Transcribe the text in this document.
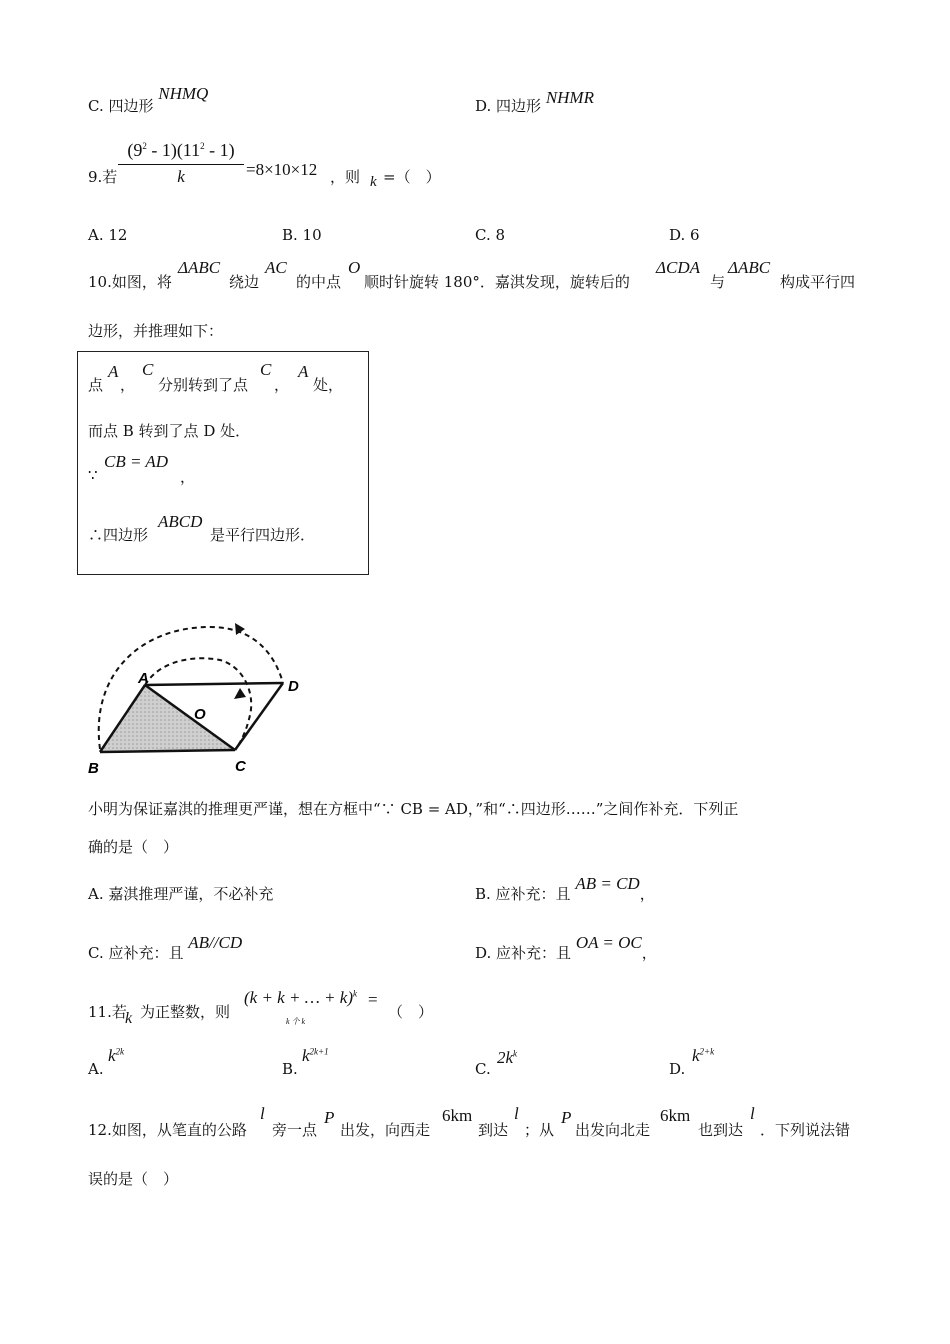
C. 四边形 NHMQ
D. 四边形 NHMR
9.若
$(9^2 - 1)(11^2 - 1)$
k	=8×10×12 ，则 k =（　）
A. 12	B. 10	C. 8	D. 6
10.如图，将
ΔABC
绕边
AC
的中点
O
顺时针旋转 180°．嘉淇发现，旋转后的
ΔCDA
与
ΔABC
构成平行四
边形，并推理如下：
点
A
，
C
分别转到了点
C
，
A
处，
而点 B 转到了点 D 处．
∵
CB = AD
，
∴四边形
ABCD
是平行四边形．
A
B	C
D
O
小明为保证嘉淇的推理更严谨，想在方框中“∵ CB = AD，”和“∴四边形……”之间作补充．下列正
确的是（　）
A. 嘉淇推理严谨，不必补充	B. 应补充：且 AB = CD，
C. 应补充：且 AB//CD
D. 应补充：且 OA = OC，
11.若
k 为正整数，则
(k + k + … + k)$^k$
k 个 k
=
（　）
A.
$k^{2k}$
B.
$k^{2k+1}$
C.
$2k^k$
D.
$k^{2+k}$
12.如图，从笔直的公路
l
旁一点
P
出发，向西走
6km
到达
l
；从
P
出发向北走
6km
也到达
l
．下列说法错
误的是（　）
